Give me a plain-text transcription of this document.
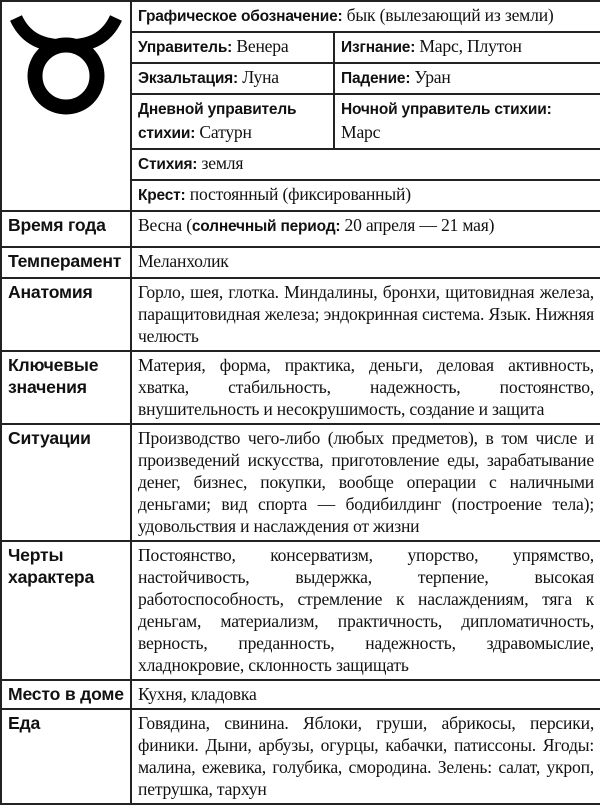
	Графическое обозначение: бык (вылезающий из земли)	
	Управитель: Венера	Изгнание: Марс, Плутон
	Экзальтация: Луна	Падение: Уран
	Дневной управитель стихии: Сатурн	Ночной управитель стихии: Марс
	Стихия: земля	
	Крест: постоянный (фиксированный)	
Время года	Весна (солнечный период: 20 апреля — 21 мая)	
Темперамент	Меланхолик	
Анатомия	Горло, шея, глотка. Миндалины, бронхи, щитовидная железа, паращитовидная железа; эндокринная система. Язык. Нижняя челюсть	
Ключевые значения	Материя, форма, практика, деньги, деловая активность, хватка, стабильность, надежность, постоянство, внушительность и несокрушимость, создание и защита	
Ситуации	Производство чего-либо (любых предметов), в том числе и произведений искусства, приготовление еды, зарабатывание денег, бизнес, покупки, вообще операции с наличными деньгами; вид спорта — бодибилдинг (построение тела); удовольствия и наслаждения от жизни	
Черты характера	Постоянство, консерватизм, упорство, упрямство, настойчивость, выдержка, терпение, высокая работоспособность, стремление к наслаждениям, тяга к деньгам, материализм, практичность, дипломатичность, верность, преданность, надежность, здравомыслие, хладнокровие, склонность защищать	
Место в доме	Кухня, кладовка	
Еда	Говядина, свинина. Яблоки, груши, абрикосы, персики, финики. Дыни, арбузы, огурцы, кабачки, патиссоны. Ягоды: малина, ежевика, голубика, смородина. Зелень: салат, укроп, петрушка, тархун	
